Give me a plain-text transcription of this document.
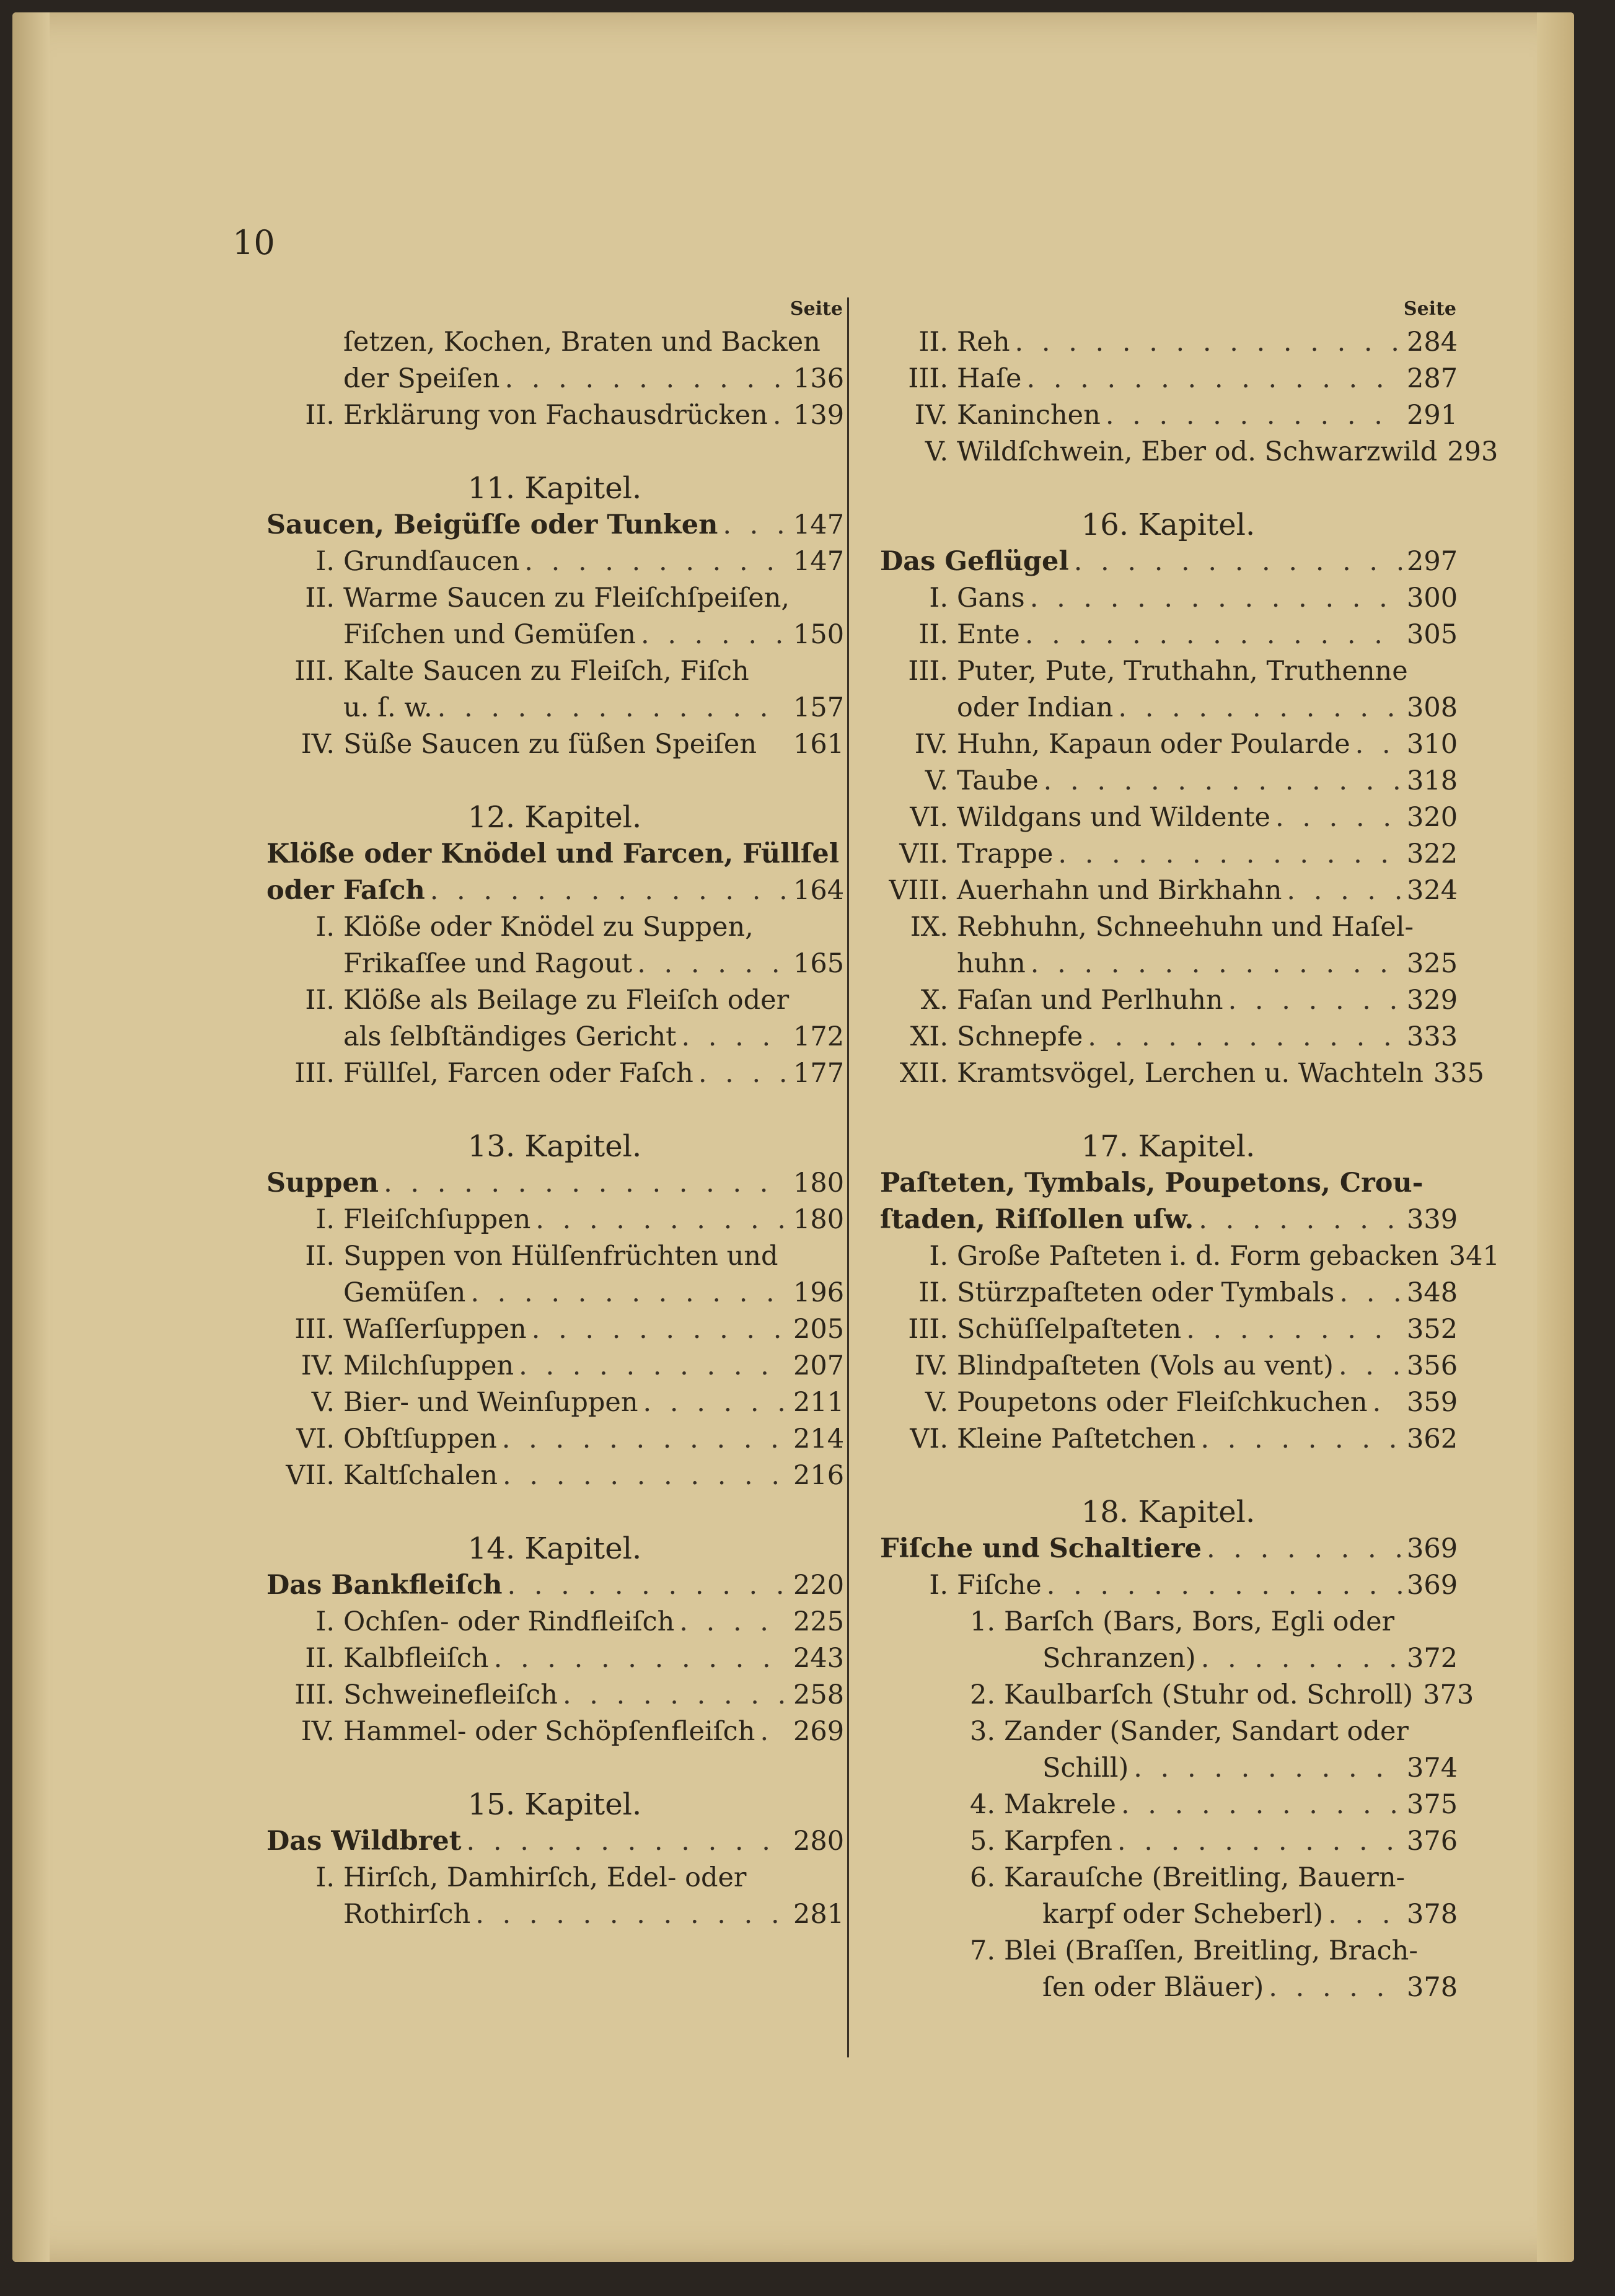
10
Seite
ſetzen, Kochen, Braten und Backen
der Speiſen . . .	136
II. Erklärung von Fachausdrücken . . . 139
11. Kapitel.
Saucen, Beigüſſe oder Tunken . . .	147
I. Grundſaucen . . .	147
II. Warme Saucen zu Fleiſchſpeiſen,
Fiſchen und Gemüſen . . .	150
III. Kalte Saucen zu Fleiſch, Fiſch
u. ſ. w. . . .	157
IV. Süße Saucen zu ſüßen Speiſen 161
12. Kapitel.
Klöße oder Knödel und Farcen, Füllſel
oder Faſch . . .	164
I. Klöße oder Knödel zu Suppen,
Frikaſſee und Ragout . . .	165
II. Klöße als Beilage zu Fleiſch oder
als ſelbſtändiges Gericht . . .	172
III. Füllſel, Farcen oder Faſch . . .	177
13. Kapitel.
Suppen . . .	180
I. Fleiſchſuppen . . .	180
II. Suppen von Hülſenfrüchten und
Gemüſen . . .	196
III. Waſſerſuppen . . .	205
IV. Milchſuppen . . .	207
V. Bier- und Weinſuppen . . .	211
VI. Obſtſuppen . . .	214
VII. Kaltſchalen . . .	216
14. Kapitel.
Das Bankfleiſch . . .	220
I. Ochſen- oder Rindfleiſch . . .	225
II. Kalbfleiſch . . .	243
III. Schweinefleiſch . . .	258
IV. Hammel- oder Schöpſenfleiſch . . . 269
15. Kapitel.
Das Wildbret . . .	280
I. Hirſch, Damhirſch, Edel- oder
Rothirſch . . .	281
Seite
II. Reh . . .	284
III. Haſe . . .	287
IV. Kaninchen . . .	291
V. Wildſchwein, Eber od. Schwarzwild 293
16. Kapitel.
Das Geflügel . . .	297
I. Gans . . .	300
II. Ente . . .	305
III. Puter, Pute, Truthahn, Truthenne
oder Indian . . .	308
IV. Huhn, Kapaun oder Poularde . . . 310
V. Taube . . .	318
VI. Wildgans und Wildente . . .	320
VII. Trappe . . .	322
VIII. Auerhahn und Birkhahn . . .	324
IX. Rebhuhn, Schneehuhn und Haſel-
huhn . . .	325
X. Faſan und Perlhuhn . . .	329
XI. Schnepfe . . .	333
XII. Kramtsvögel, Lerchen u. Wachteln 335
17. Kapitel.
Paſteten, Tymbals, Poupetons, Crou-
ſtaden, Riſſollen uſw. . . .	339
I. Große Paſteten i. d. Form gebacken 341
II. Stürzpaſteten oder Tymbals . . .	348
III. Schüſſelpaſteten . . .	352
IV. Blindpaſteten (Vols au vent) . . .	356
V. Poupetons oder Fleiſchkuchen . . . 359
VI. Kleine Paſtetchen . . .	362
18. Kapitel.
Fiſche und Schaltiere . . .	369
I. Fiſche . . .	369
1. Barſch (Bars, Bors, Egli oder
Schranzen) . . .	372
2. Kaulbarſch (Stuhr od. Schroll) 373
3. Zander (Sander, Sandart oder
Schill) . . .	374
4. Makrele . . .	375
5. Karpfen . . .	376
6. Karauſche (Breitling, Bauern-
karpf oder Scheberl) . . .	378
7. Blei (Braſſen, Breitling, Brach-
ſen oder Bläuer) . . .	378
